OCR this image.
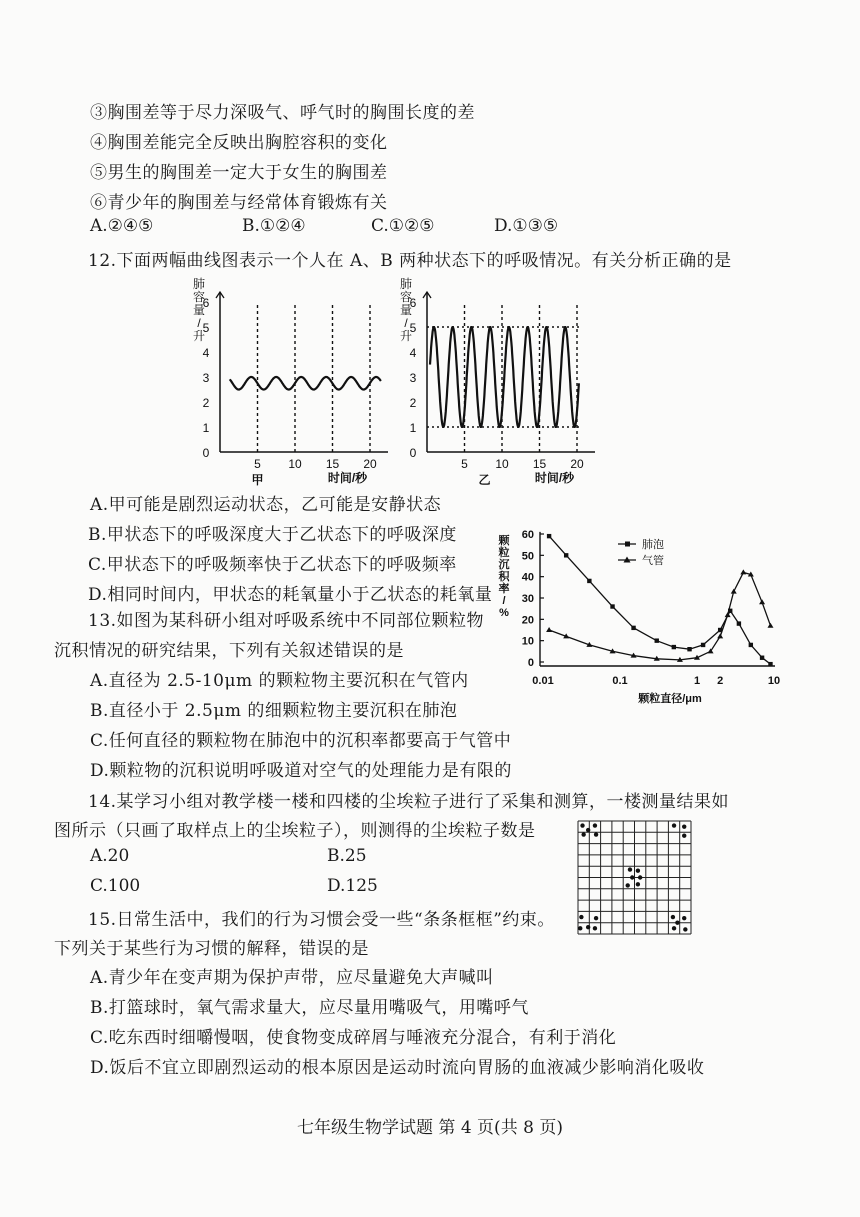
③胸围差等于尽力深吸气、呼气时的胸围长度的差
④胸围差能完全反映出胸腔容积的变化
⑤男生的胸围差一定大于女生的胸围差
⑥青少年的胸围差与经常体育锻炼有关
A.②④⑤	B.①②④	C.①②⑤	D.①③⑤
12.下面两幅曲线图表示一个人在 A、B 两种状态下的呼吸情况。有关分析正确的是
0
1
2
3
4
5
6
5 10 15 20
肺容量/升
甲	时间/秒
0
1
2
3
4
5
6
5 10 15 20
肺容量/升
乙	时间/秒
A.甲可能是剧烈运动状态，乙可能是安静状态
B.甲状态下的呼吸深度大于乙状态下的呼吸深度
C.甲状态下的呼吸频率快于乙状态下的呼吸频率
D.相同时间内，甲状态的耗氧量小于乙状态的耗氧量
0
10
20
30
40
50
60
0.01	0.1	1 2	10
颗粒沉积率/ %
颗粒直径/μm
肺泡
气管
13.如图为某科研小组对呼吸系统中不同部位颗粒物
沉积情况的研究结果，下列有关叙述错误的是
A.直径为 2.5-10μm 的颗粒物主要沉积在气管内
B.直径小于 2.5μm 的细颗粒物主要沉积在肺泡
C.任何直径的颗粒物在肺泡中的沉积率都要高于气管中
D.颗粒物的沉积说明呼吸道对空气的处理能力是有限的
14.某学习小组对教学楼一楼和四楼的尘埃粒子进行了采集和测算，一楼测量结果如
图所示（只画了取样点上的尘埃粒子），则测得的尘埃粒子数是
A.20	B.25
C.100	D.125
15.日常生活中，我们的行为习惯会受一些“条条框框”约束。
下列关于某些行为习惯的解释，错误的是
A.青少年在变声期为保护声带，应尽量避免大声喊叫
B.打篮球时，氧气需求量大，应尽量用嘴吸气，用嘴呼气
C.吃东西时细嚼慢咽，使食物变成碎屑与唾液充分混合，有利于消化
D.饭后不宜立即剧烈运动的根本原因是运动时流向胃肠的血液减少影响消化吸收
七年级生物学试题 第 4 页(共 8 页)
